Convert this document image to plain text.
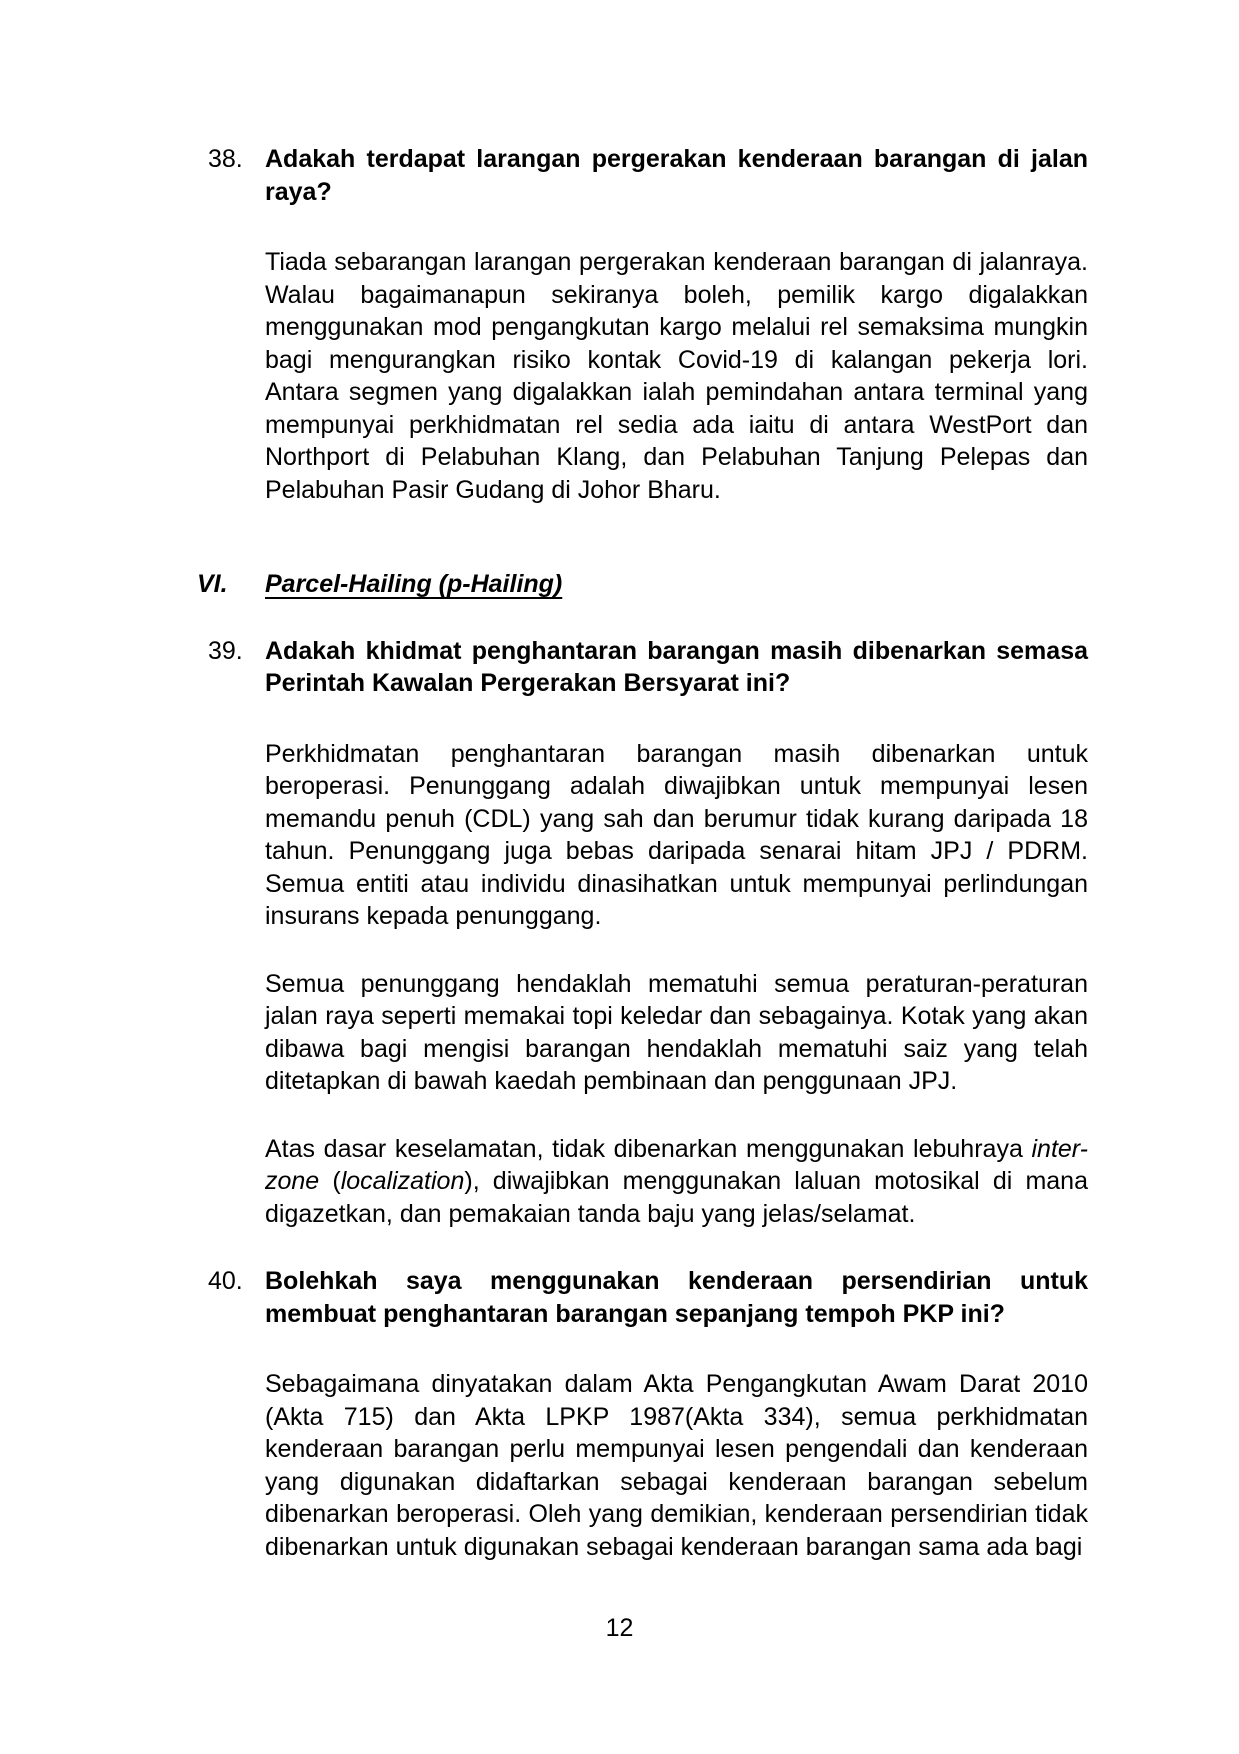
38. Adakah terdapat larangan pergerakan kenderaan barangan di jalan raya?

Tiada sebarangan larangan pergerakan kenderaan barangan di jalanraya. Walau bagaimanapun sekiranya boleh, pemilik kargo digalakkan menggunakan mod pengangkutan kargo melalui rel semaksima mungkin bagi mengurangkan risiko kontak Covid-19 di kalangan pekerja lori. Antara segmen yang digalakkan ialah pemindahan antara terminal yang mempunyai perkhidmatan rel sedia ada iaitu di antara WestPort dan Northport di Pelabuhan Klang, dan Pelabuhan Tanjung Pelepas dan Pelabuhan Pasir Gudang di Johor Bharu.

VI. Parcel-Hailing (p-Hailing)
39. Adakah khidmat penghantaran barangan masih dibenarkan semasa Perintah Kawalan Pergerakan Bersyarat ini?

Perkhidmatan penghantaran barangan masih dibenarkan untuk beroperasi. Penunggang adalah diwajibkan untuk mempunyai lesen memandu penuh (CDL) yang sah dan berumur tidak kurang daripada 18 tahun. Penunggang juga bebas daripada senarai hitam JPJ / PDRM. Semua entiti atau individu dinasihatkan untuk mempunyai perlindungan insurans kepada penunggang.

Semua penunggang hendaklah mematuhi semua peraturan-peraturan jalan raya seperti memakai topi keledar dan sebagainya. Kotak yang akan dibawa bagi mengisi barangan hendaklah mematuhi saiz yang telah ditetapkan di bawah kaedah pembinaan dan penggunaan JPJ.

Atas dasar keselamatan, tidak dibenarkan menggunakan lebuhraya inter-zone (localization), diwajibkan menggunakan laluan motosikal di mana digazetkan, dan pemakaian tanda baju yang jelas/selamat.

40. Bolehkah saya menggunakan kenderaan persendirian untuk membuat penghantaran barangan sepanjang tempoh PKP ini?

Sebagaimana dinyatakan dalam Akta Pengangkutan Awam Darat 2010 (Akta 715) dan Akta LPKP 1987(Akta 334), semua perkhidmatan kenderaan barangan perlu mempunyai lesen pengendali dan kenderaan yang digunakan didaftarkan sebagai kenderaan barangan sebelum dibenarkan beroperasi. Oleh yang demikian, kenderaan persendirian tidak dibenarkan untuk digunakan sebagai kenderaan barangan sama ada bagi

12
